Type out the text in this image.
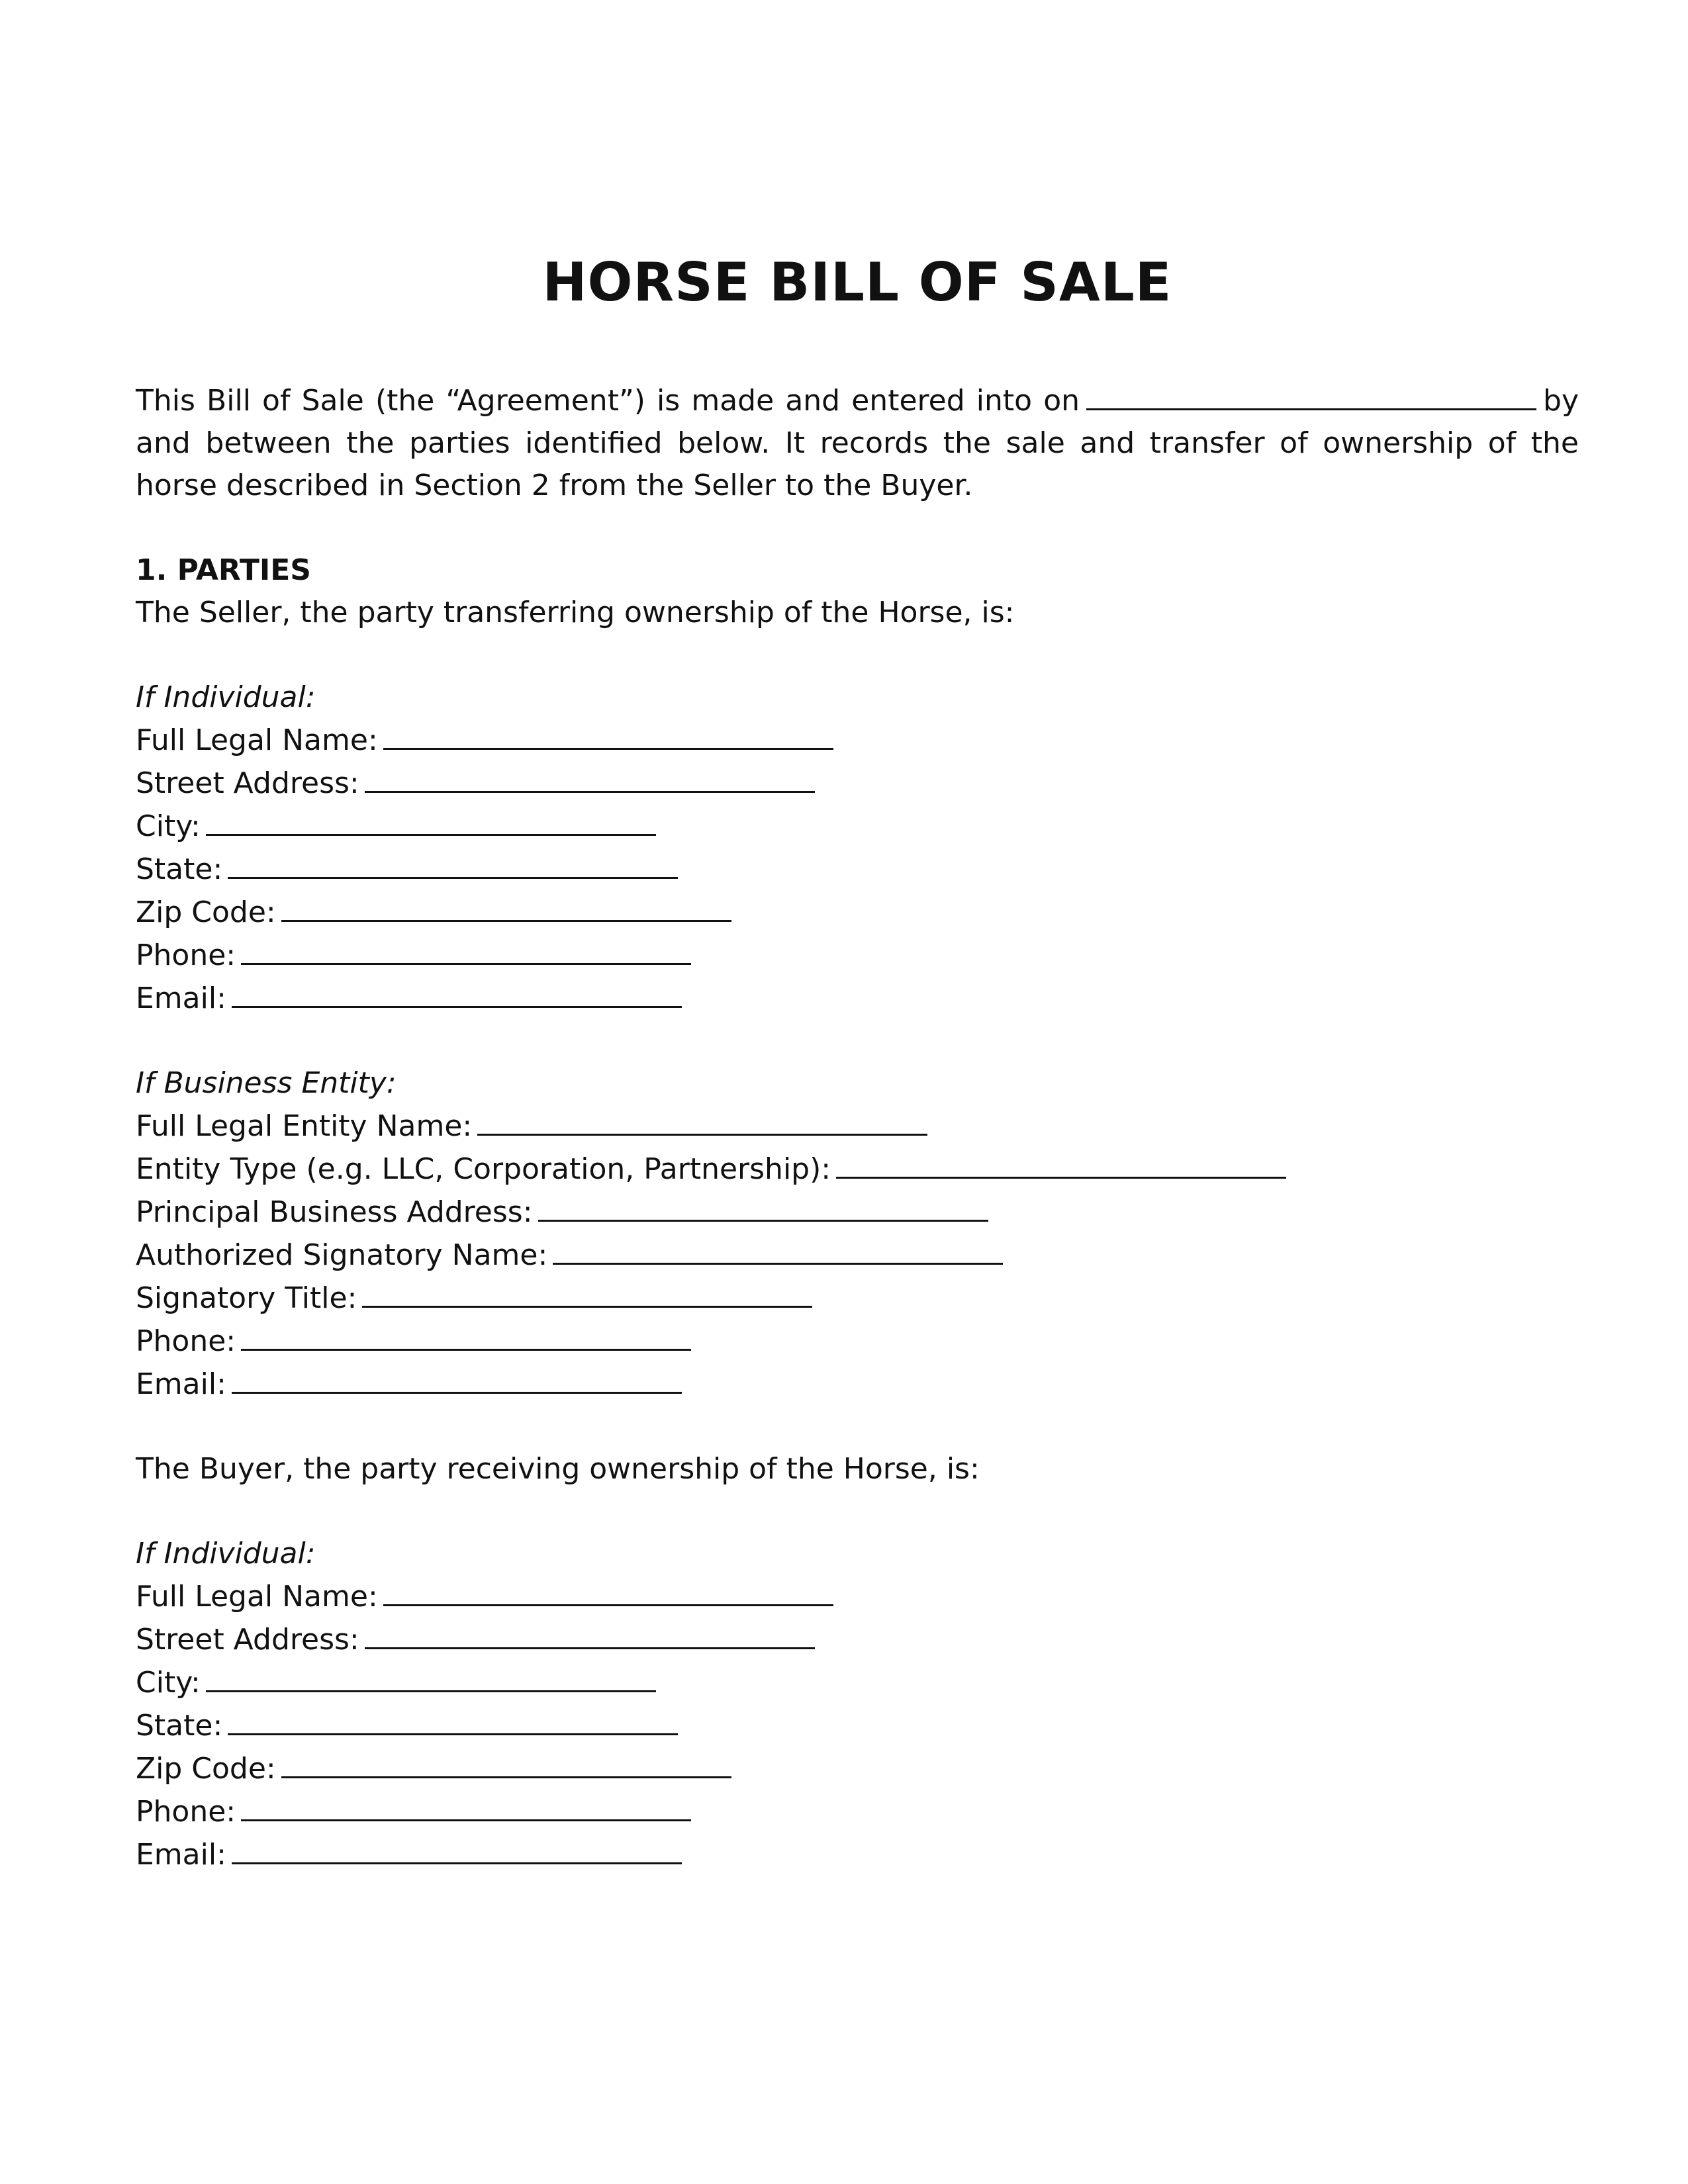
HORSE BILL OF SALE
This Bill of Sale (the “Agreement”) is made and entered into on	by and between the parties identified below. It records the sale and transfer of ownership of the horse described in Section 2 from the Seller to the Buyer.
1. PARTIES
The Seller, the party transferring ownership of the Horse, is:
If Individual:
Full Legal Name:
Street Address:
City:
State:
Zip Code:
Phone:
Email:
If Business Entity:
Full Legal Entity Name:
Entity Type (e.g. LLC, Corporation, Partnership):
Principal Business Address:
Authorized Signatory Name:
Signatory Title:
Phone:
Email:
The Buyer, the party receiving ownership of the Horse, is:
If Individual:
Full Legal Name:
Street Address:
City:
State:
Zip Code:
Phone:
Email:
